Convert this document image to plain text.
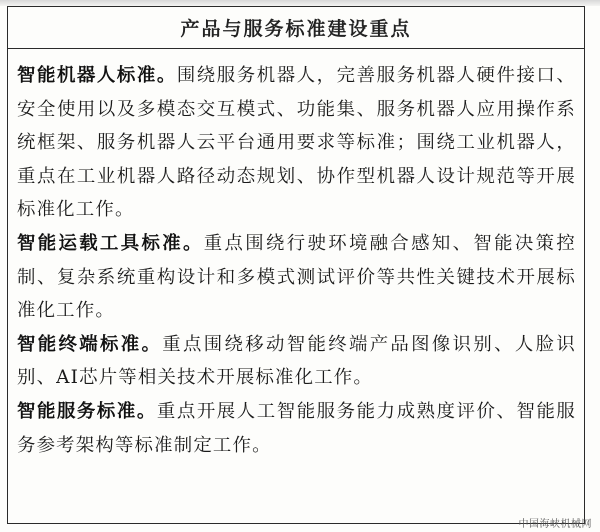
产品与服务标准建设重点

智能机器人标准。围绕服务机器人，完善服务机器人硬件接口、安全使用以及多模态交互模式、功能集、服务机器人应用操作系统框架、服务机器人云平台通用要求等标准；围绕工业机器人，重点在工业机器人路径动态规划、协作型机器人设计规范等开展标准化工作。

智能运载工具标准。重点围绕行驶环境融合感知、智能决策控制、复杂系统重构设计和多模式测试评价等共性关键技术开展标准化工作。

智能终端标准。重点围绕移动智能终端产品图像识别、人脸识别、AI芯片等相关技术开展标准化工作。

智能服务标准。重点开展人工智能服务能力成熟度评价、智能服务参考架构等标准制定工作。

中国海峡机械网
